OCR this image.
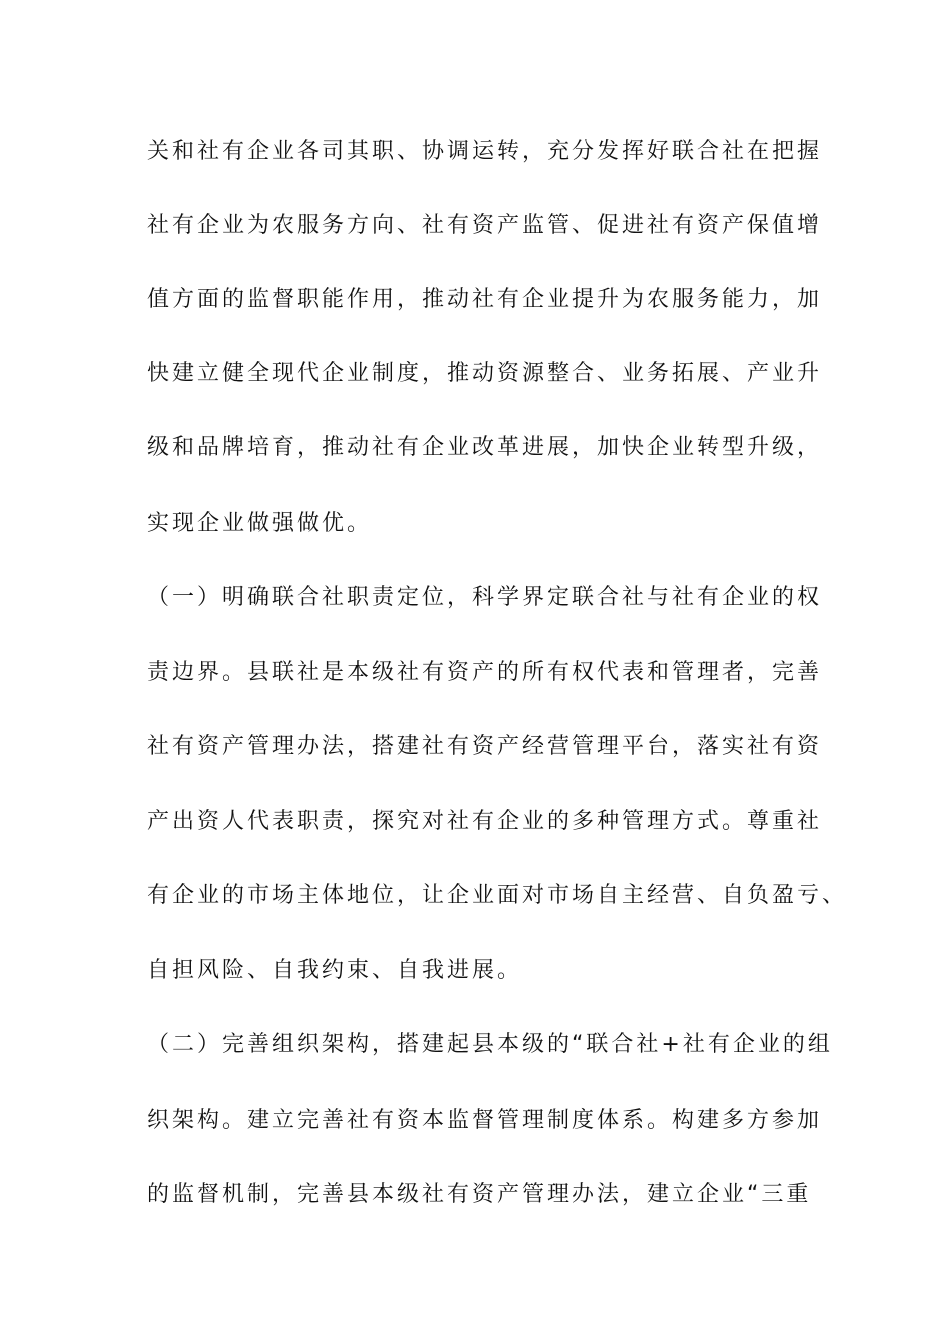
关和社有企业各司其职、协调运转，充分发挥好联合社在把握
社有企业为农服务方向、社有资产监管、促进社有资产保值增
值方面的监督职能作用，推动社有企业提升为农服务能力，加
快建立健全现代企业制度，推动资源整合、业务拓展、产业升
级和品牌培育，推动社有企业改革进展，加快企业转型升级，
实现企业做强做优。
（一）明确联合社职责定位，科学界定联合社与社有企业的权
责边界。县联社是本级社有资产的所有权代表和管理者，完善
社有资产管理办法，搭建社有资产经营管理平台，落实社有资
产出资人代表职责，探究对社有企业的多种管理方式。尊重社
有企业的市场主体地位，让企业面对市场自主经营、自负盈亏、
自担风险、自我约束、自我进展。
（二）完善组织架构，搭建起县本级的“联合社+社有企业的组
织架构。建立完善社有资本监督管理制度体系。构建多方参加
的监督机制，完善县本级社有资产管理办法，建立企业“三重
